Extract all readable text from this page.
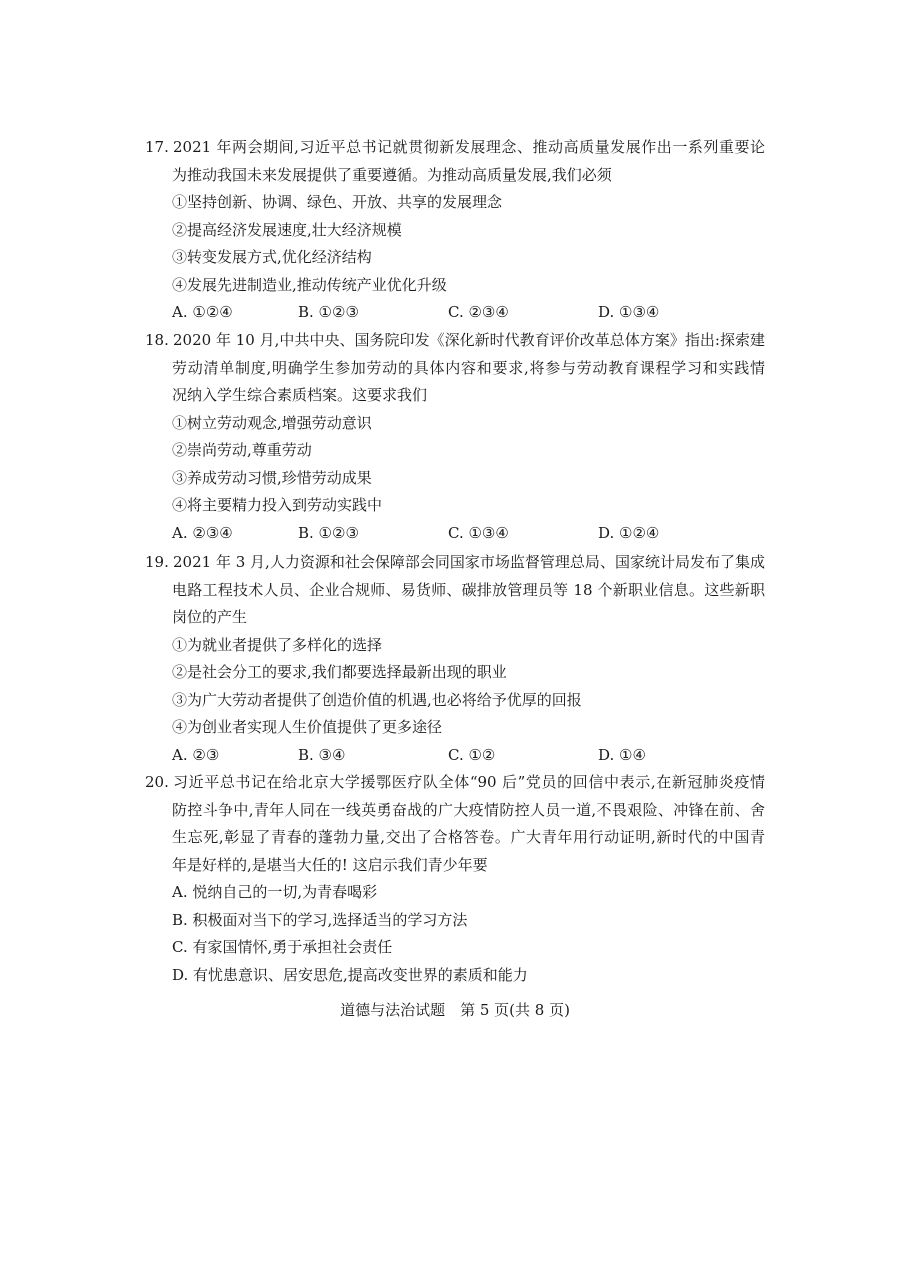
17. 2021 年两会期间,习近平总书记就贯彻新发展理念、推动高质量发展作出一系列重要论
为推动我国未来发展提供了重要遵循。为推动高质量发展,我们必须
①坚持创新、协调、绿色、开放、共享的发展理念
②提高经济发展速度,壮大经济规模
③转变发展方式,优化经济结构
④发展先进制造业,推动传统产业优化升级
A. ①②④	B. ①②③	C. ②③④	D. ①③④
18. 2020 年 10 月,中共中央、国务院印发《深化新时代教育评价改革总体方案》指出:探索建
劳动清单制度,明确学生参加劳动的具体内容和要求,将参与劳动教育课程学习和实践情
况纳入学生综合素质档案。这要求我们
①树立劳动观念,增强劳动意识
②崇尚劳动,尊重劳动
③养成劳动习惯,珍惜劳动成果
④将主要精力投入到劳动实践中
A. ②③④	B. ①②③	C. ①③④	D. ①②④
19. 2021 年 3 月,人力资源和社会保障部会同国家市场监督管理总局、国家统计局发布了集成
电路工程技术人员、企业合规师、易货师、碳排放管理员等 18 个新职业信息。这些新职
岗位的产生
①为就业者提供了多样化的选择
②是社会分工的要求,我们都要选择最新出现的职业
③为广大劳动者提供了创造价值的机遇,也必将给予优厚的回报
④为创业者实现人生价值提供了更多途径
A. ②③	B. ③④	C. ①②	D. ①④
20. 习近平总书记在给北京大学援鄂医疗队全体“90 后”党员的回信中表示,在新冠肺炎疫情
防控斗争中,青年人同在一线英勇奋战的广大疫情防控人员一道,不畏艰险、冲锋在前、舍
生忘死,彰显了青春的蓬勃力量,交出了合格答卷。广大青年用行动证明,新时代的中国青
年是好样的,是堪当大任的! 这启示我们青少年要
A. 悦纳自己的一切,为青春喝彩
B. 积极面对当下的学习,选择适当的学习方法
C. 有家国情怀,勇于承担社会责任
D. 有忧患意识、居安思危,提高改变世界的素质和能力
道德与法治试题　第 5 页(共 8 页)
